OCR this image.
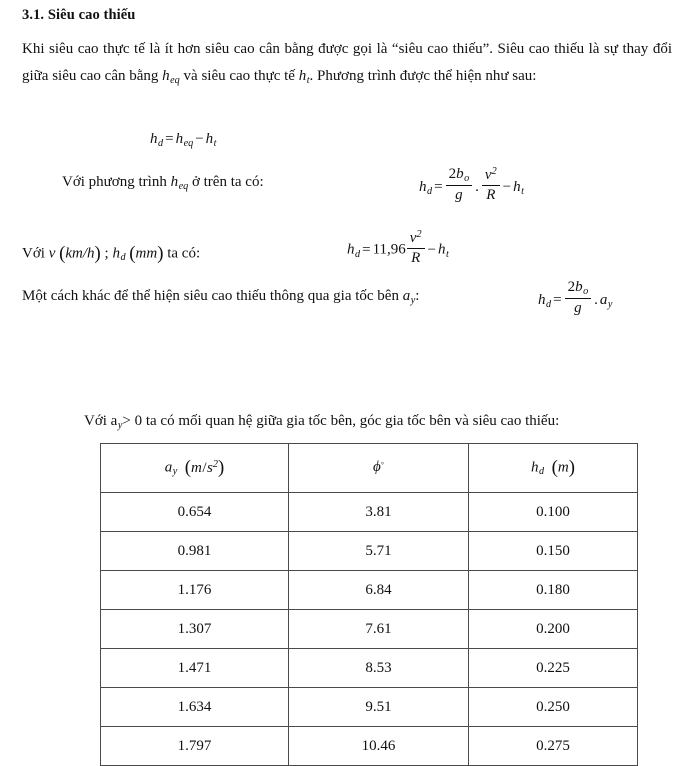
3.1. Siêu cao thiếu
Khi siêu cao thực tế là ít hơn siêu cao cân bằng được gọi là “siêu cao thiếu”. Siêu cao thiếu là sự thay đổi giữa siêu cao cân bằng $h_{eq}$ và siêu cao thực tế $h_t$. Phương trình được thể hiện như sau:
$h_d = h_{eq} - h_t$
Với phương trình $h_{eq}$ ở trên ta có:	$h_d = \frac{2b_o}{g}$ . $\frac{v^2}{R} - h_t$
Với v (km/h) ; $h_d$ (mm) ta có:	$h_d = 11,96 \frac{v^2}{R} - h_t$
Một cách khác để thể hiện siêu cao thiếu thông qua gia tốc bên $a_y$:	$h_d = \frac{2b_o}{g}$ . $a_y$
Với $a_y> 0$ ta có mối quan hệ giữa gia tốc bên, góc gia tốc bên và siêu cao thiếu:
$a_y$ $(m/s^2)$	ϕ◦	$h_d$ (m)
0.654	3.81	0.100
0.981	5.71	0.150
1.176	6.84	0.180
1.307	7.61	0.200
1.471	8.53	0.225
1.634	9.51	0.250
1.797	10.46	0.275
